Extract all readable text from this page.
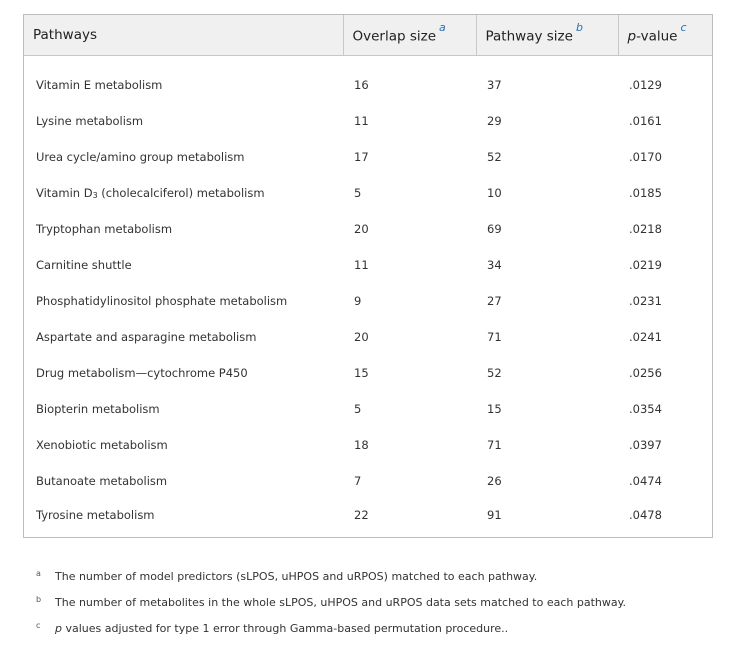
Pathways	Overlap size$^a$	Pathway size$^b$	p-value$^c$
Vitamin E metabolism	16	37	.0129
Lysine metabolism	11	29	.0161
Urea cycle/amino group metabolism	17	52	.0170
Vitamin D3 (cholecalciferol) metabolism	5	10	.0185
Tryptophan metabolism	20	69	.0218
Carnitine shuttle	11	34	.0219
Phosphatidylinositol phosphate metabolism	9	27	.0231
Aspartate and asparagine metabolism	20	71	.0241
Drug metabolism—cytochrome P450	15	52	.0256
Biopterin metabolism	5	15	.0354
Xenobiotic metabolism	18	71	.0397
Butanoate metabolism	7	26	.0474
Tyrosine metabolism	22	91	.0478
a The number of model predictors (sLPOS, uHPOS and uRPOS) matched to each pathway.
b The number of metabolites in the whole sLPOS, uHPOS and uRPOS data sets matched to each pathway.
c p values adjusted for type 1 error through Gamma-based permutation procedure..
